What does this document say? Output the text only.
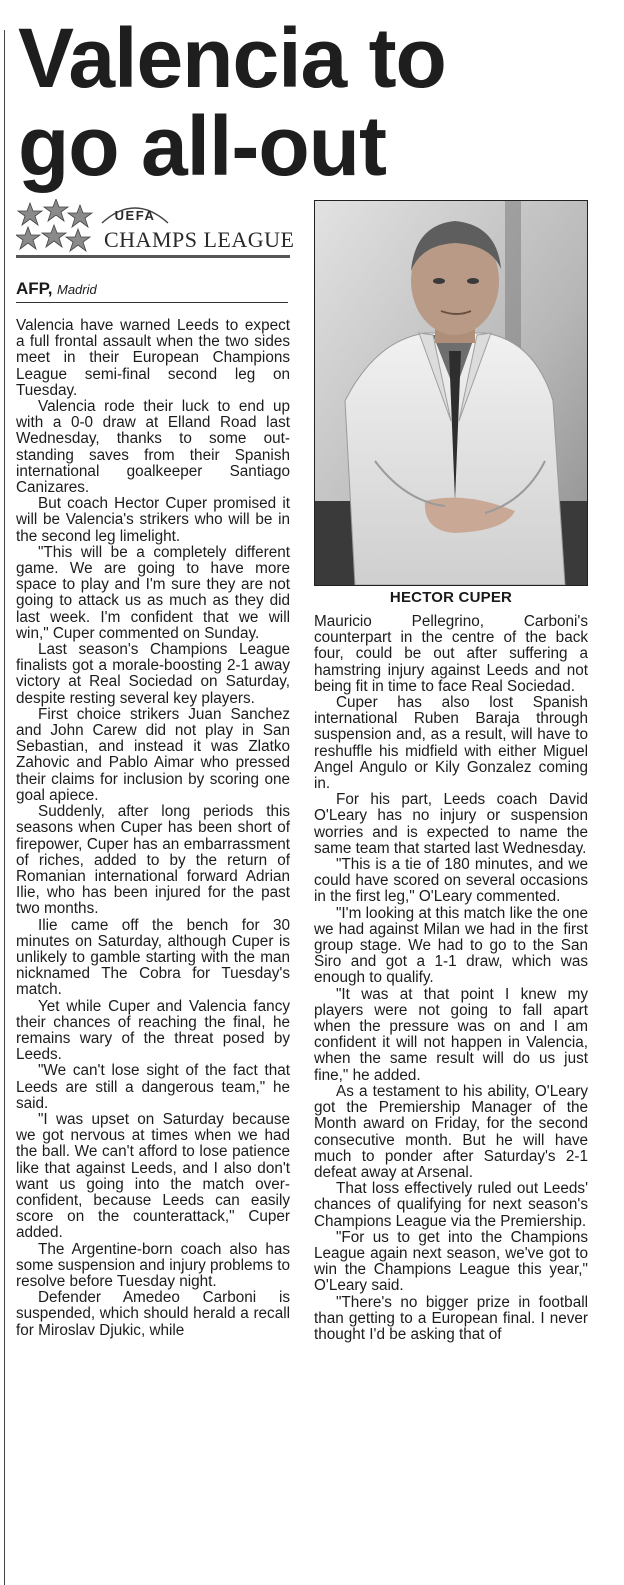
Valencia to
go all-out
UEFA
CHAMPS LEAGUE
AFP, Madrid

Valencia have warned Leeds to expect a full frontal assault when the two sides meet in their European Champions League semi-final second leg on Tuesday.

Valencia rode their luck to end up with a 0-0 draw at Elland Road last Wednesday, thanks to some outstanding saves from their Spanish international goalkeeper Santiago Canizares.

But coach Hector Cuper promised it will be Valencia's strikers who will be in the second leg limelight.

"This will be a completely different game. We are going to have more space to play and I'm sure they are not going to attack us as much as they did last week. I'm confident that we will win," Cuper commented on Sunday.

Last season's Champions League finalists got a morale-boosting 2-1 away victory at Real Sociedad on Saturday, despite resting several key players.

First choice strikers Juan Sanchez and John Carew did not play in San Sebastian, and instead it was Zlatko Zahovic and Pablo Aimar who pressed their claims for inclusion by scoring one goal apiece.

Suddenly, after long periods this seasons when Cuper has been short of firepower, Cuper has an embarrassment of riches, added to by the return of Romanian international forward Adrian Ilie, who has been injured for the past two months.

Ilie came off the bench for 30 minutes on Saturday, although Cuper is unlikely to gamble starting with the man nicknamed The Cobra for Tuesday's match.

Yet while Cuper and Valencia fancy their chances of reaching the final, he remains wary of the threat posed by Leeds.

"We can't lose sight of the fact that Leeds are still a dangerous team," he said.

"I was upset on Saturday because we got nervous at times when we had the ball. We can't afford to lose patience like that against Leeds, and I also don't want us going into the match overconfident, because Leeds can easily score on the counterattack," Cuper added.

The Argentine-born coach also has some suspension and injury problems to resolve before Tuesday night.

Defender Amedeo Carboni is suspended, which should herald a recall for Miroslav Djukic, while

HECTOR CUPER

Mauricio Pellegrino, Carboni's counterpart in the centre of the back four, could be out after suffering a hamstring injury against Leeds and not being fit in time to face Real Sociedad.

Cuper has also lost Spanish international Ruben Baraja through suspension and, as a result, will have to reshuffle his midfield with either Miguel Angel Angulo or Kily Gonzalez coming in.

For his part, Leeds coach David O'Leary has no injury or suspension worries and is expected to name the same team that started last Wednesday.

"This is a tie of 180 minutes, and we could have scored on several occasions in the first leg," O'Leary commented.

"I'm looking at this match like the one we had against Milan we had in the first group stage. We had to go to the San Siro and got a 1-1 draw, which was enough to qualify.

"It was at that point I knew my players were not going to fall apart when the pressure was on and I am confident it will not happen in Valencia, when the same result will do us just fine," he added.

As a testament to his ability, O'Leary got the Premiership Manager of the Month award on Friday, for the second consecutive month. But he will have much to ponder after Saturday's 2-1 defeat away at Arsenal.

That loss effectively ruled out Leeds' chances of qualifying for next season's Champions League via the Premiership.

"For us to get into the Champions League again next season, we've got to win the Champions League this year," O'Leary said.

"There's no bigger prize in football than getting to a European final. I never thought I'd be asking that of
